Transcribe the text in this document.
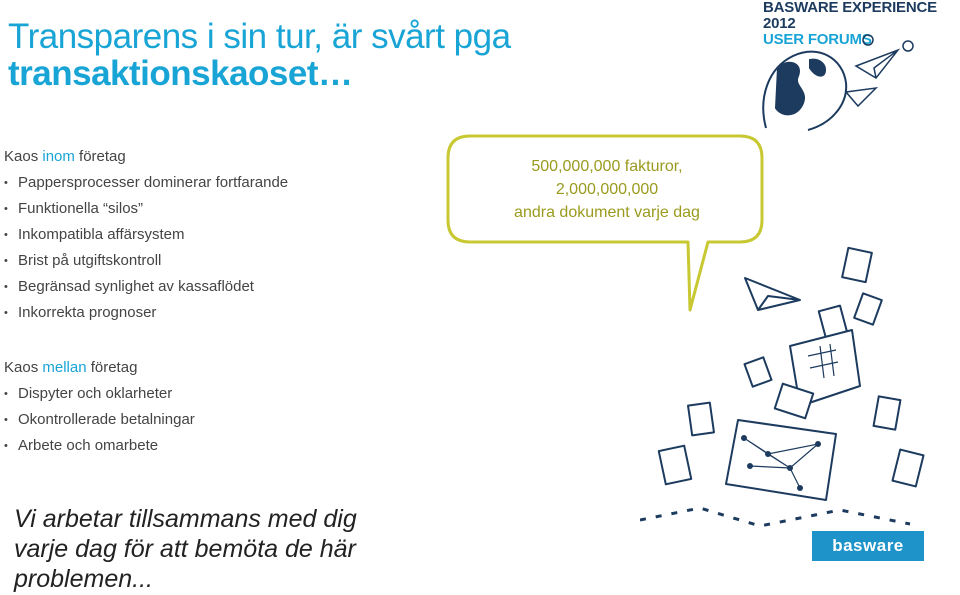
Transparens i sin tur, är svårt pga
transaktionskaoset…
BASWARE EXPERIENCE 2012
USER FORUMS
Kaos inom företag
• Pappersprocesser dominerar fortfarande
• Funktionella “silos”
• Inkompatibla affärsystem
• Brist på utgiftskontroll
• Begränsad synlighet av kassaflödet
• Inkorrekta prognoser
Kaos mellan företag
• Dispyter och oklarheter
• Okontrollerade betalningar
• Arbete och omarbete
500,000,000 fakturor,
2,000,000,000
andra dokument varje dag
Vi arbetar tillsammans med dig
varje dag för att bemöta de här
problemen...
basware
